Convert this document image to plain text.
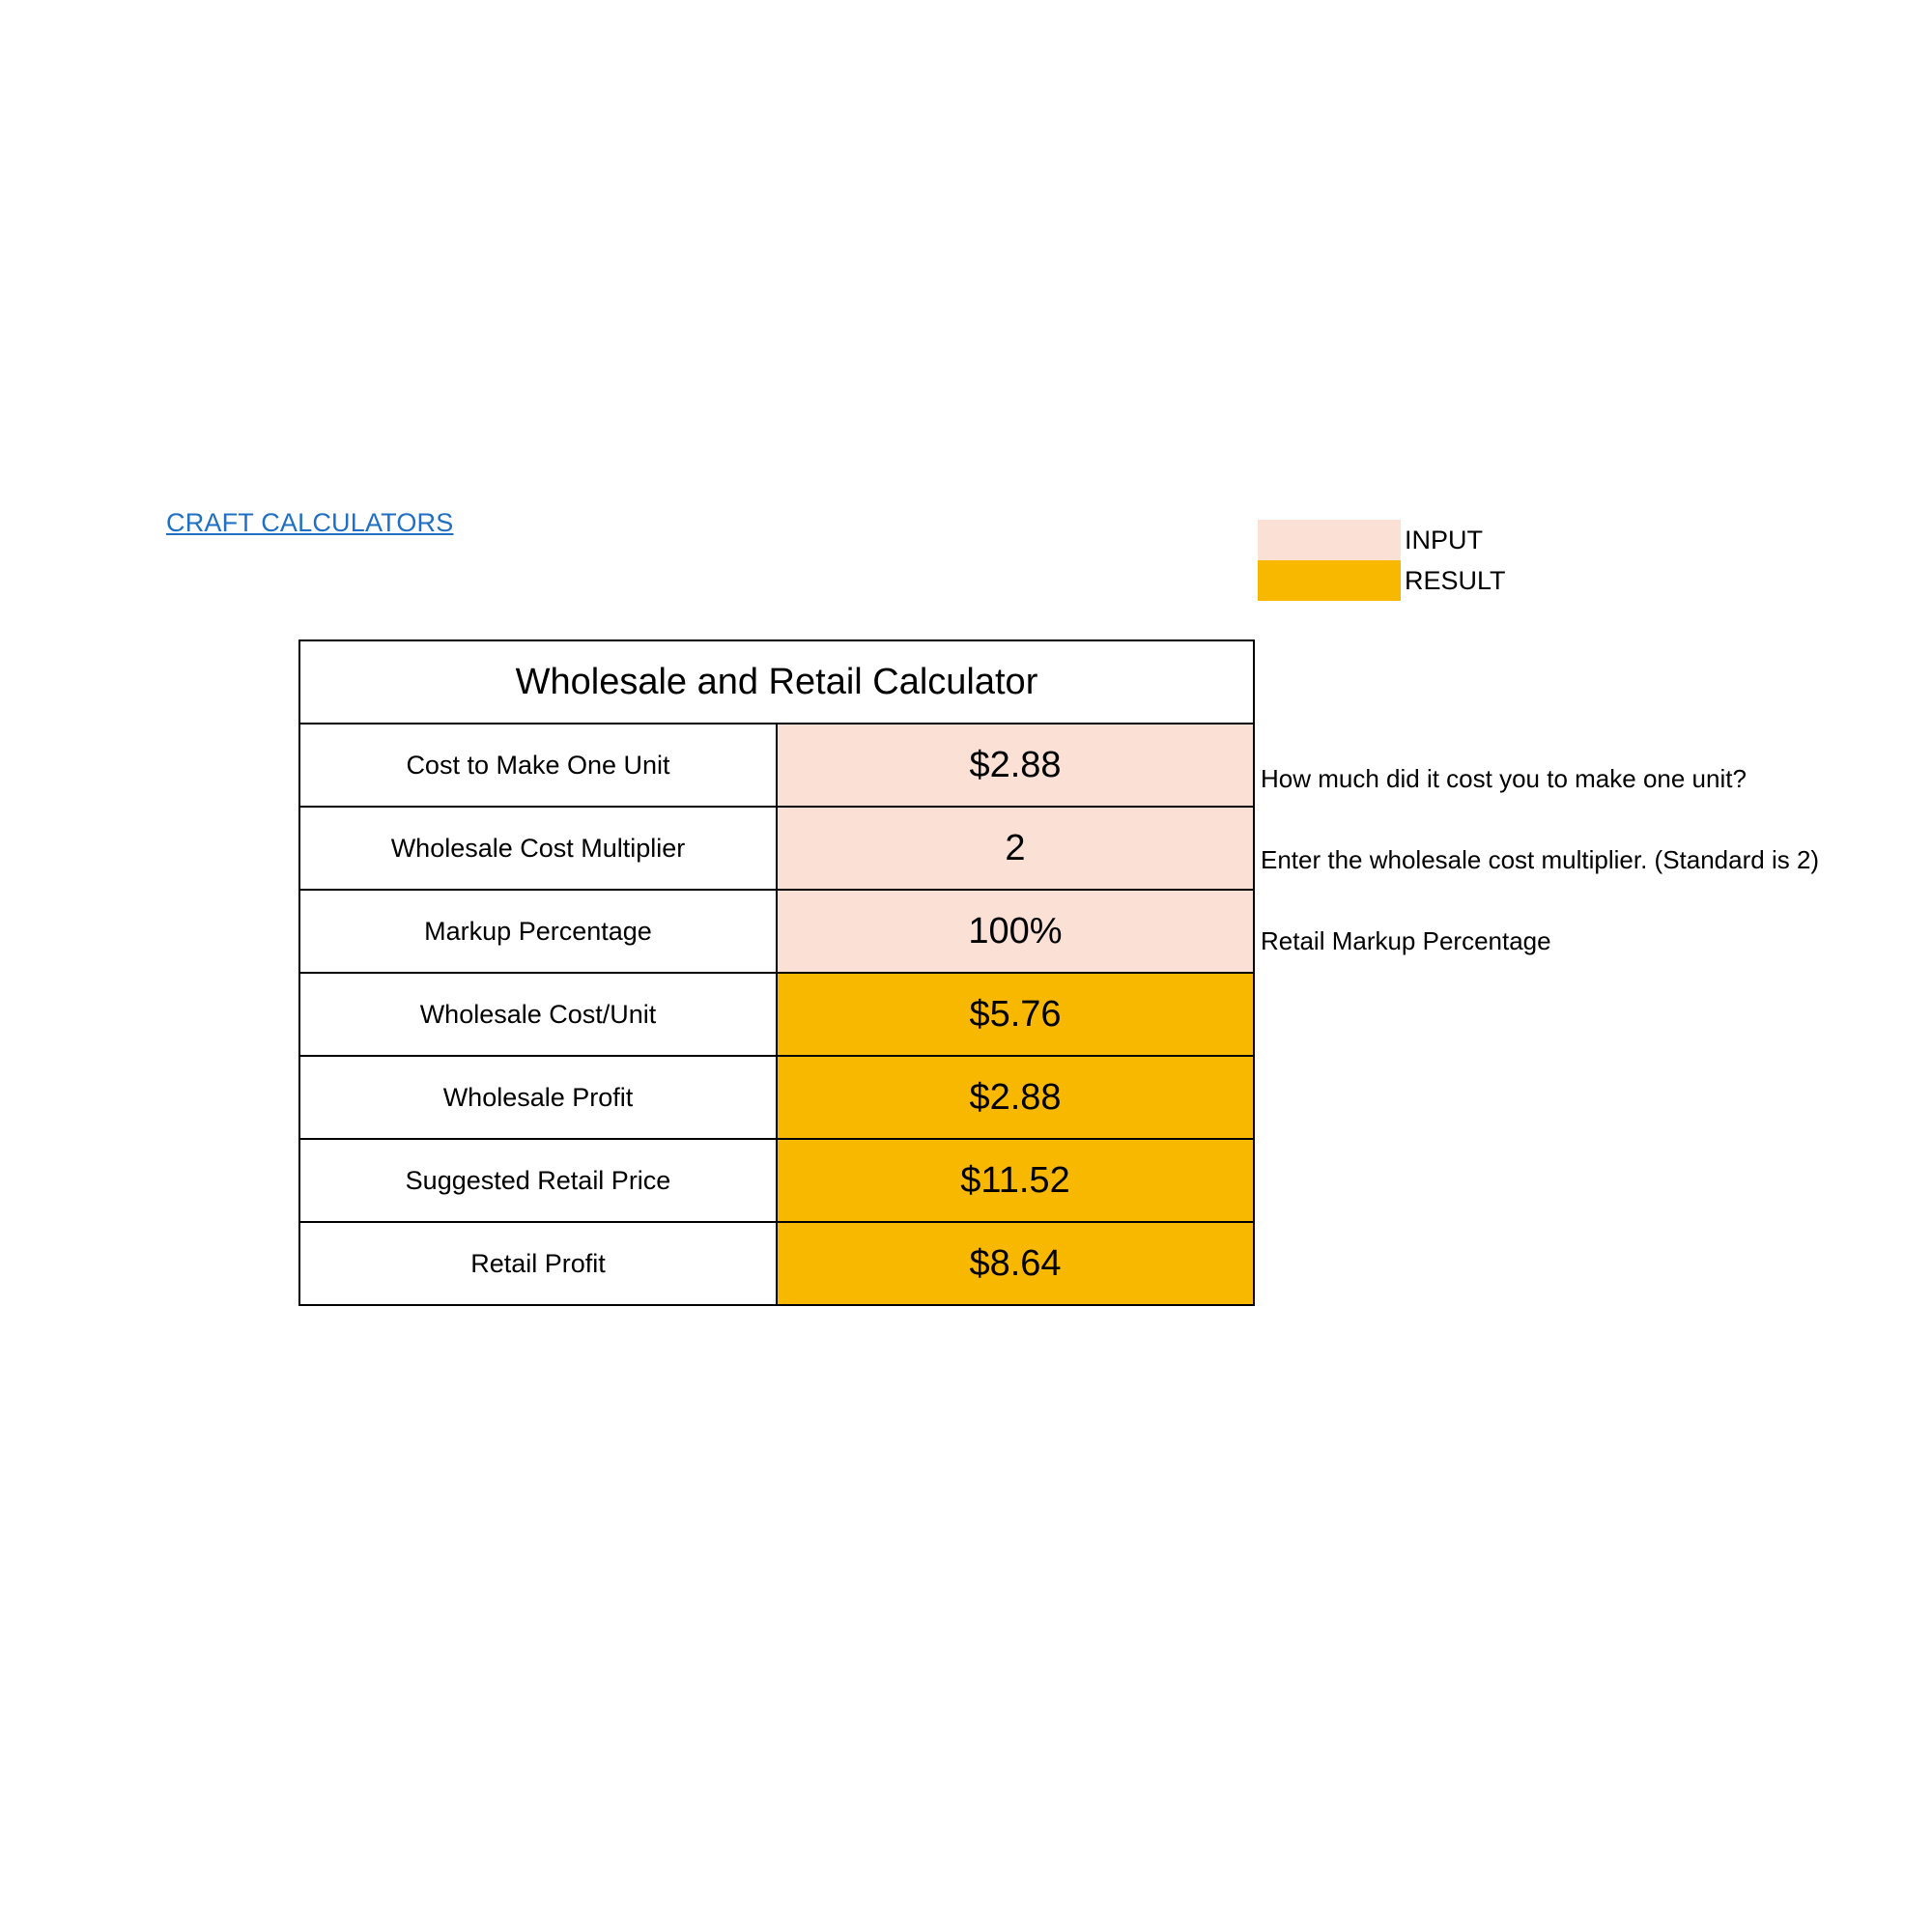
CRAFT CALCULATORS
INPUT
RESULT
Wholesale and Retail Calculator	
Cost to Make One Unit	$2.88
Wholesale Cost Multiplier	2
Markup Percentage	100%
Wholesale Cost/Unit	$5.76
Wholesale Profit	$2.88
Suggested Retail Price	$11.52
Retail Profit	$8.64
How much did it cost you to make one unit?
Enter the wholesale cost multiplier. (Standard is 2)
Retail Markup Percentage
